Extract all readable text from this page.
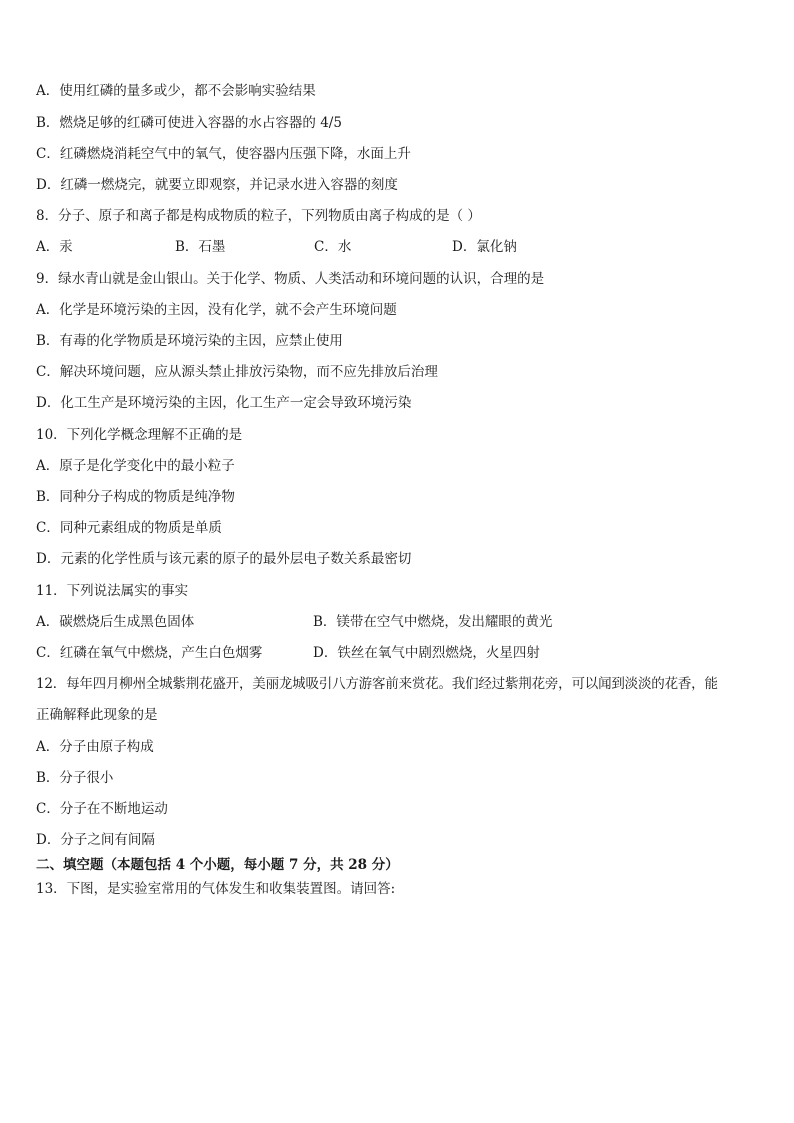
A．使用红磷的量多或少，都不会影响实验结果
B．燃烧足够的红磷可使进入容器的水占容器的 4/5
C．红磷燃烧消耗空气中的氧气，使容器内压强下降，水面上升
D．红磷一燃烧完，就要立即观察，并记录水进入容器的刻度
8．分子、原子和离子都是构成物质的粒子，下列物质由离子构成的是（ ）
A．汞	B．石墨	C．水	D．氯化钠
9．绿水青山就是金山银山。关于化学、物质、人类活动和环境问题的认识，合理的是
A．化学是环境污染的主因，没有化学，就不会产生环境问题
B．有毒的化学物质是环境污染的主因，应禁止使用
C．解决环境问题，应从源头禁止排放污染物，而不应先排放后治理
D．化工生产是环境污染的主因，化工生产一定会导致环境污染
10．下列化学概念理解不正确的是
A．原子是化学变化中的最小粒子
B．同种分子构成的物质是纯净物
C．同种元素组成的物质是单质
D．元素的化学性质与该元素的原子的最外层电子数关系最密切
11．下列说法属实的事实
A．碳燃烧后生成黑色固体	B．镁带在空气中燃烧，发出耀眼的黄光
C．红磷在氧气中燃烧，产生白色烟雾	D．铁丝在氧气中剧烈燃烧，火星四射
12．每年四月柳州全城紫荆花盛开，美丽龙城吸引八方游客前来赏花。我们经过紫荆花旁，可以闻到淡淡的花香，能
正确解释此现象的是
A．分子由原子构成
B．分子很小
C．分子在不断地运动
D．分子之间有间隔
二、填空题（本题包括 4 个小题，每小题 7 分，共 28 分）
13．下图，是实验室常用的气体发生和收集装置图。请回答:
